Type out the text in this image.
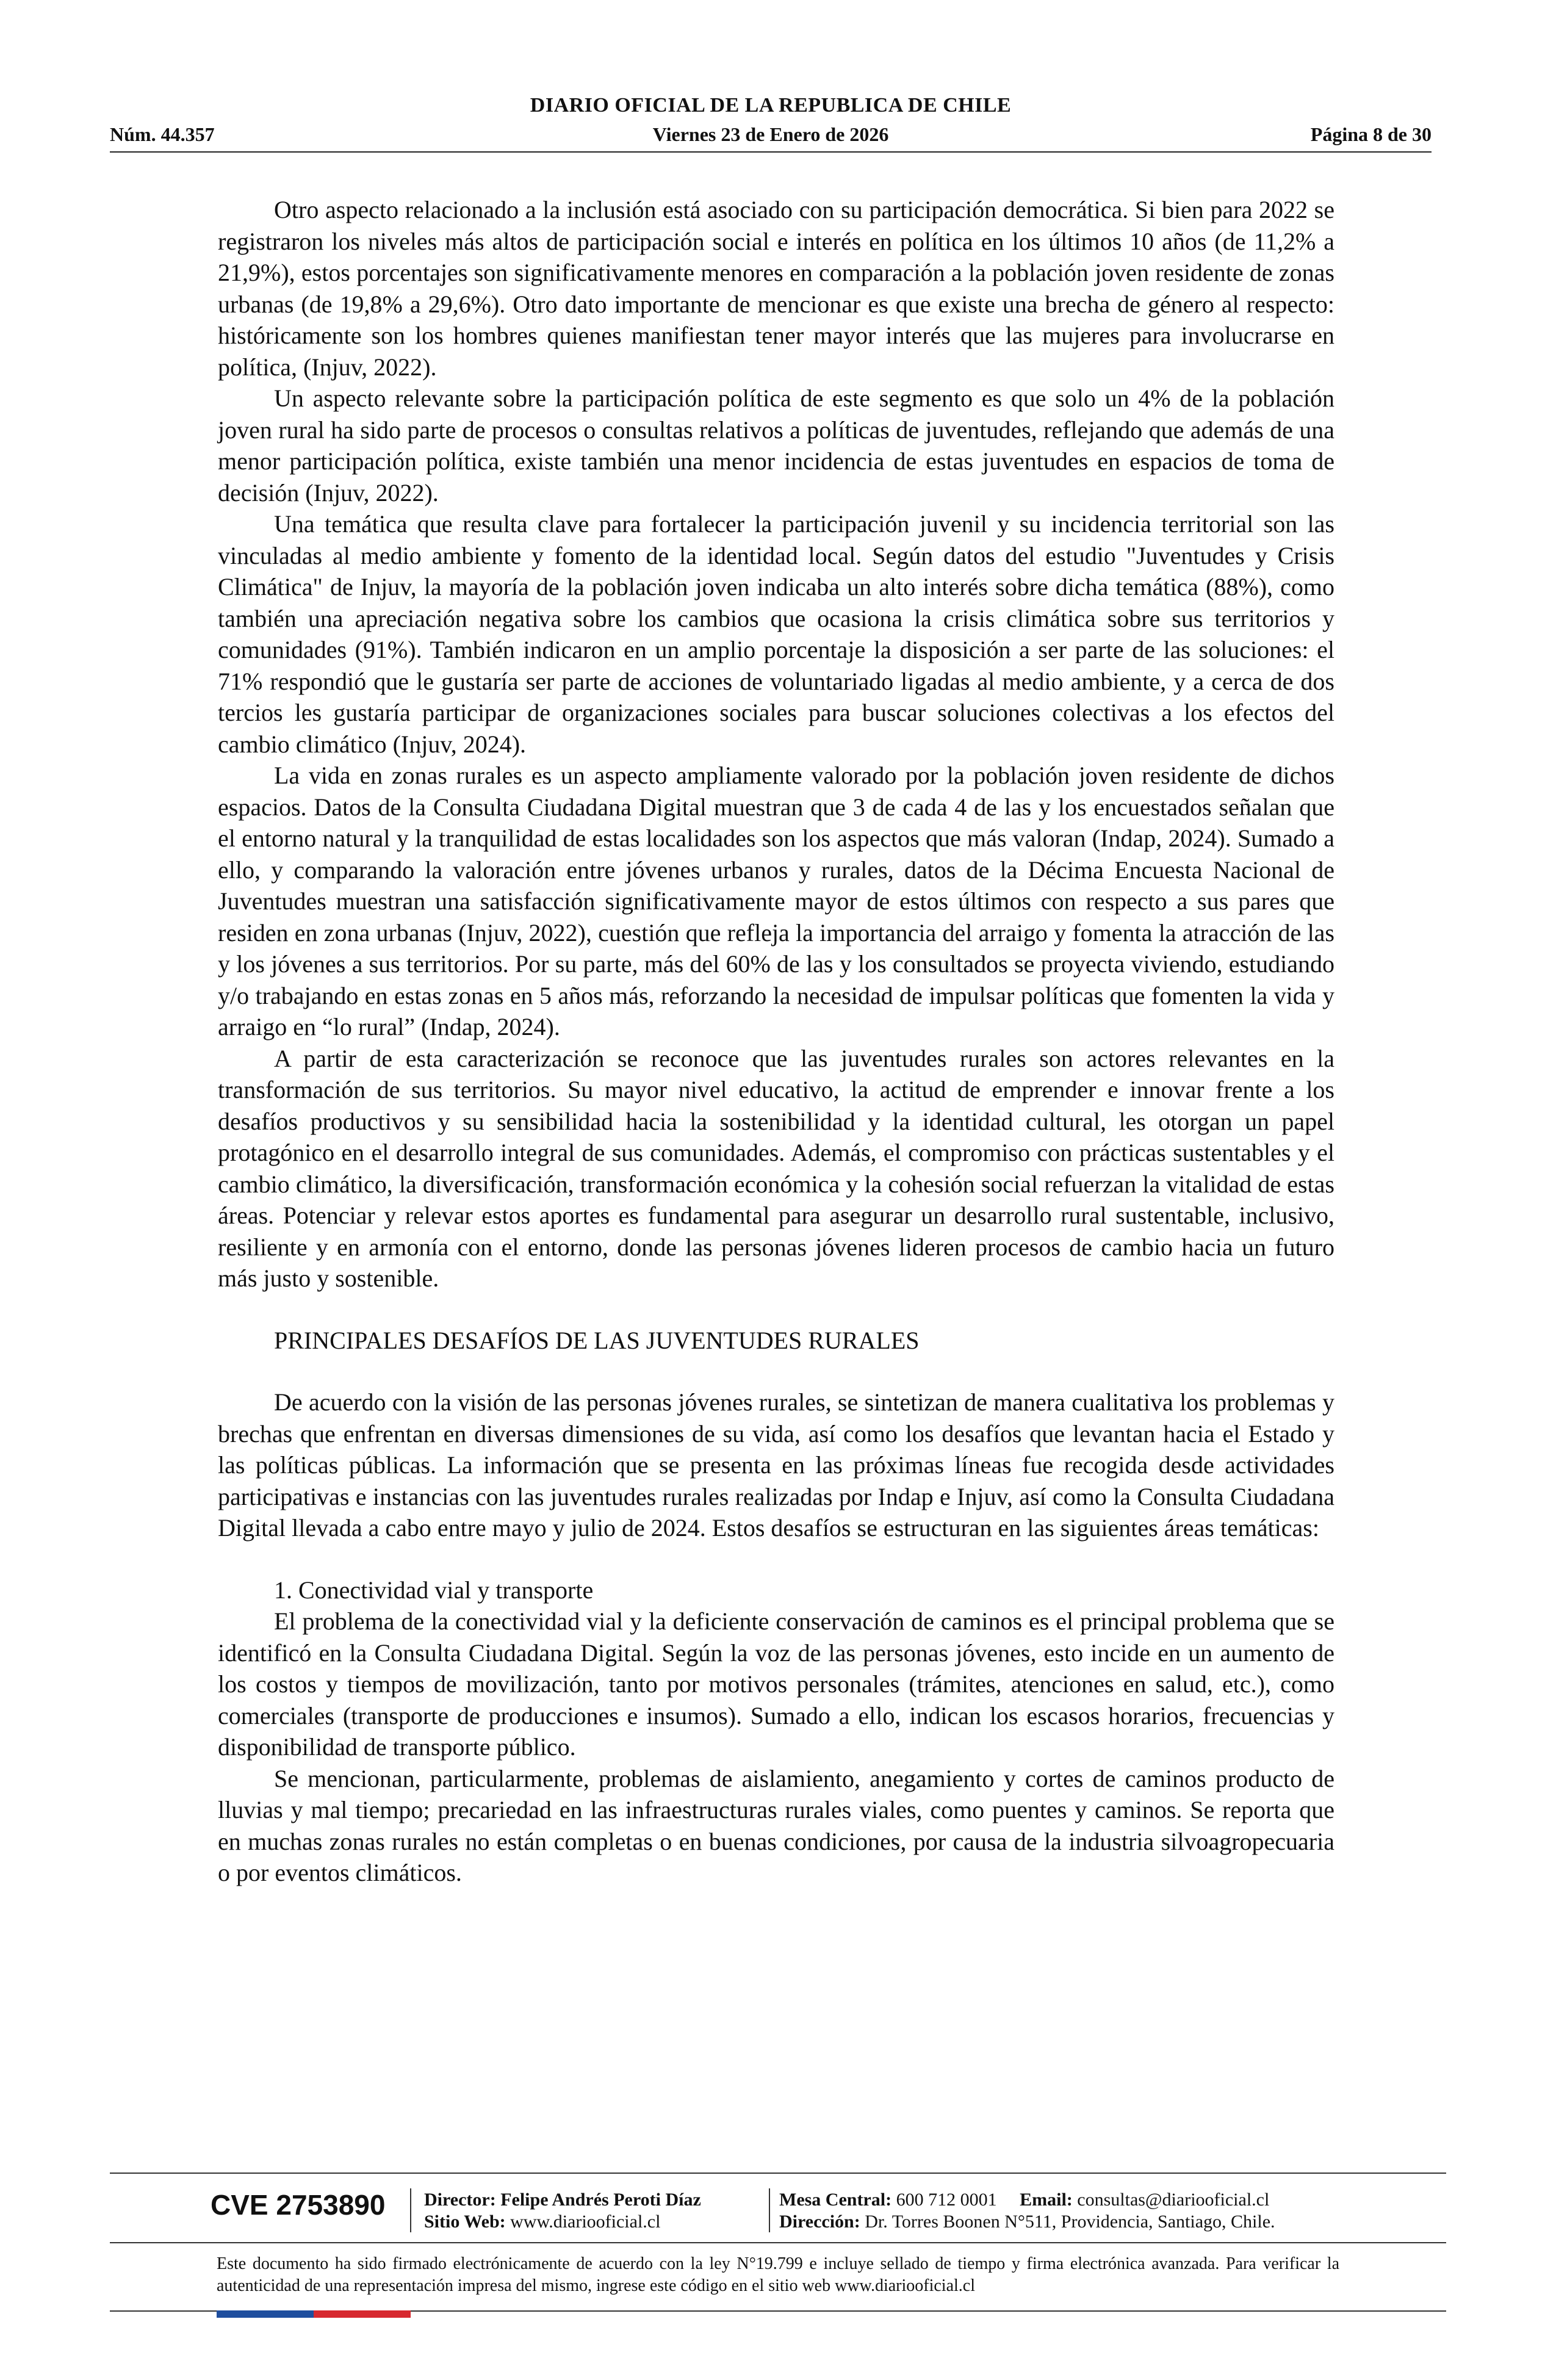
DIARIO OFICIAL DE LA REPUBLICA DE CHILE
Núm. 44.357	Viernes 23 de Enero de 2026	Página 8 de 30

Otro aspecto relacionado a la inclusión está asociado con su participación democrática. Si bien para 2022 se registraron los niveles más altos de participación social e interés en política en los últimos 10 años (de 11,2% a 21,9%), estos porcentajes son significativamente menores en comparación a la población joven residente de zonas urbanas (de 19,8% a 29,6%). Otro dato importante de mencionar es que existe una brecha de género al respecto: históricamente son los hombres quienes manifiestan tener mayor interés que las mujeres para involucrarse en política, (Injuv, 2022).

Un aspecto relevante sobre la participación política de este segmento es que solo un 4% de la población joven rural ha sido parte de procesos o consultas relativos a políticas de juventudes, reflejando que además de una menor participación política, existe también una menor incidencia de estas juventudes en espacios de toma de decisión (Injuv, 2022).

Una temática que resulta clave para fortalecer la participación juvenil y su incidencia territorial son las vinculadas al medio ambiente y fomento de la identidad local. Según datos del estudio "Juventudes y Crisis Climática" de Injuv, la mayoría de la población joven indicaba un alto interés sobre dicha temática (88%), como también una apreciación negativa sobre los cambios que ocasiona la crisis climática sobre sus territorios y comunidades (91%). También indicaron en un amplio porcentaje la disposición a ser parte de las soluciones: el 71% respondió que le gustaría ser parte de acciones de voluntariado ligadas al medio ambiente, y a cerca de dos tercios les gustaría participar de organizaciones sociales para buscar soluciones colectivas a los efectos del cambio climático (Injuv, 2024).

La vida en zonas rurales es un aspecto ampliamente valorado por la población joven residente de dichos espacios. Datos de la Consulta Ciudadana Digital muestran que 3 de cada 4 de las y los encuestados señalan que el entorno natural y la tranquilidad de estas localidades son los aspectos que más valoran (Indap, 2024). Sumado a ello, y comparando la valoración entre jóvenes urbanos y rurales, datos de la Décima Encuesta Nacional de Juventudes muestran una satisfacción significativamente mayor de estos últimos con respecto a sus pares que residen en zona urbanas (Injuv, 2022), cuestión que refleja la importancia del arraigo y fomenta la atracción de las y los jóvenes a sus territorios. Por su parte, más del 60% de las y los consultados se proyecta viviendo, estudiando y/o trabajando en estas zonas en 5 años más, reforzando la necesidad de impulsar políticas que fomenten la vida y arraigo en “lo rural” (Indap, 2024).

A partir de esta caracterización se reconoce que las juventudes rurales son actores relevantes en la transformación de sus territorios. Su mayor nivel educativo, la actitud de emprender e innovar frente a los desafíos productivos y su sensibilidad hacia la sostenibilidad y la identidad cultural, les otorgan un papel protagónico en el desarrollo integral de sus comunidades. Además, el compromiso con prácticas sustentables y el cambio climático, la diversificación, transformación económica y la cohesión social refuerzan la vitalidad de estas áreas. Potenciar y relevar estos aportes es fundamental para asegurar un desarrollo rural sustentable, inclusivo, resiliente y en armonía con el entorno, donde las personas jóvenes lideren procesos de cambio hacia un futuro más justo y sostenible.

PRINCIPALES DESAFÍOS DE LAS JUVENTUDES RURALES

De acuerdo con la visión de las personas jóvenes rurales, se sintetizan de manera cualitativa los problemas y brechas que enfrentan en diversas dimensiones de su vida, así como los desafíos que levantan hacia el Estado y las políticas públicas. La información que se presenta en las próximas líneas fue recogida desde actividades participativas e instancias con las juventudes rurales realizadas por Indap e Injuv, así como la Consulta Ciudadana Digital llevada a cabo entre mayo y julio de 2024. Estos desafíos se estructuran en las siguientes áreas temáticas:

1. Conectividad vial y transporte

El problema de la conectividad vial y la deficiente conservación de caminos es el principal problema que se identificó en la Consulta Ciudadana Digital. Según la voz de las personas jóvenes, esto incide en un aumento de los costos y tiempos de movilización, tanto por motivos personales (trámites, atenciones en salud, etc.), como comerciales (transporte de producciones e insumos). Sumado a ello, indican los escasos horarios, frecuencias y disponibilidad de transporte público.

Se mencionan, particularmente, problemas de aislamiento, anegamiento y cortes de caminos producto de lluvias y mal tiempo; precariedad en las infraestructuras rurales viales, como puentes y caminos. Se reporta que en muchas zonas rurales no están completas o en buenas condiciones, por causa de la industria silvoagropecuaria o por eventos climáticos.

CVE 2753890 Director: Felipe Andrés Peroti Díaz
Sitio Web: www.diariooficial.cl
Mesa Central: 600 712 0001 Email: consultas@diariooficial.cl
Dirección: Dr. Torres Boonen N°511, Providencia, Santiago, Chile.
Este documento ha sido firmado electrónicamente de acuerdo con la ley N°19.799 e incluye sellado de tiempo y firma electrónica avanzada. Para verificar la autenticidad de una representación impresa del mismo, ingrese este código en el sitio web www.diariooficial.cl
